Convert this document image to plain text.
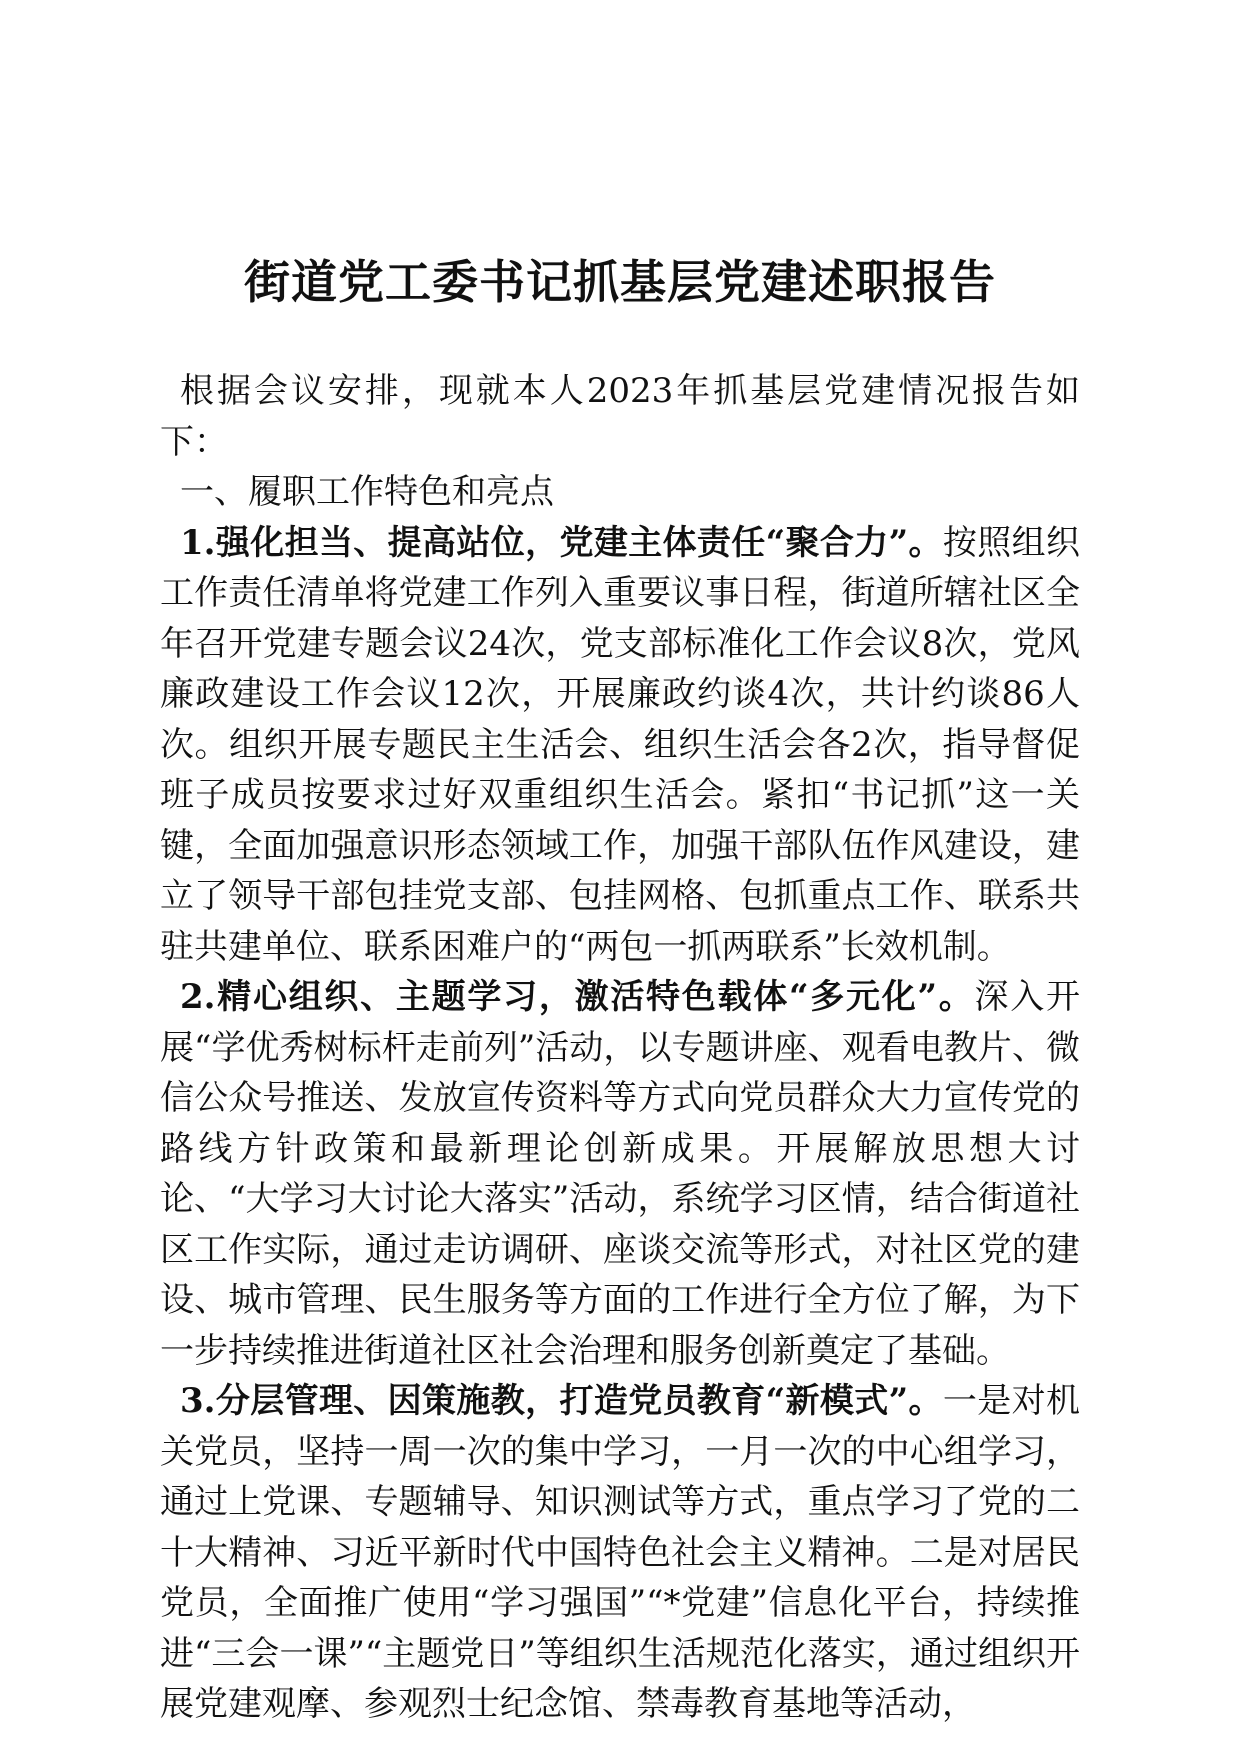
街道党工委书记抓基层党建述职报告

根据会议安排，现就本人2023年抓基层党建情况报告如下：

一、履职工作特色和亮点

1.强化担当、提高站位，党建主体责任“聚合力”。按照组织工作责任清单将党建工作列入重要议事日程，街道所辖社区全年召开党建专题会议24次，党支部标准化工作会议8次，党风廉政建设工作会议12次，开展廉政约谈4次，共计约谈86人次。组织开展专题民主生活会、组织生活会各2次，指导督促班子成员按要求过好双重组织生活会。紧扣“书记抓”这一关键，全面加强意识形态领域工作，加强干部队伍作风建设，建立了领导干部包挂党支部、包挂网格、包抓重点工作、联系共驻共建单位、联系困难户的“两包一抓两联系”长效机制。

2.精心组织、主题学习，激活特色载体“多元化”。深入开展“学优秀树标杆走前列”活动，以专题讲座、观看电教片、微信公众号推送、发放宣传资料等方式向党员群众大力宣传党的路线方针政策和最新理论创新成果。开展解放思想大讨论、“大学习大讨论大落实”活动，系统学习区情，结合街道社区工作实际，通过走访调研、座谈交流等形式，对社区党的建设、城市管理、民生服务等方面的工作进行全方位了解，为下一步持续推进街道社区社会治理和服务创新奠定了基础。

3.分层管理、因策施教，打造党员教育“新模式”。一是对机关党员，坚持一周一次的集中学习，一月一次的中心组学习，通过上党课、专题辅导、知识测试等方式，重点学习了党的二十大精神、习近平新时代中国特色社会主义精神。二是对居民党员，全面推广使用“学习强国”“*党建”信息化平台，持续推进“三会一课”“主题党日”等组织生活规范化落实，通过组织开展党建观摩、参观烈士纪念馆、禁毒教育基地等活动，
